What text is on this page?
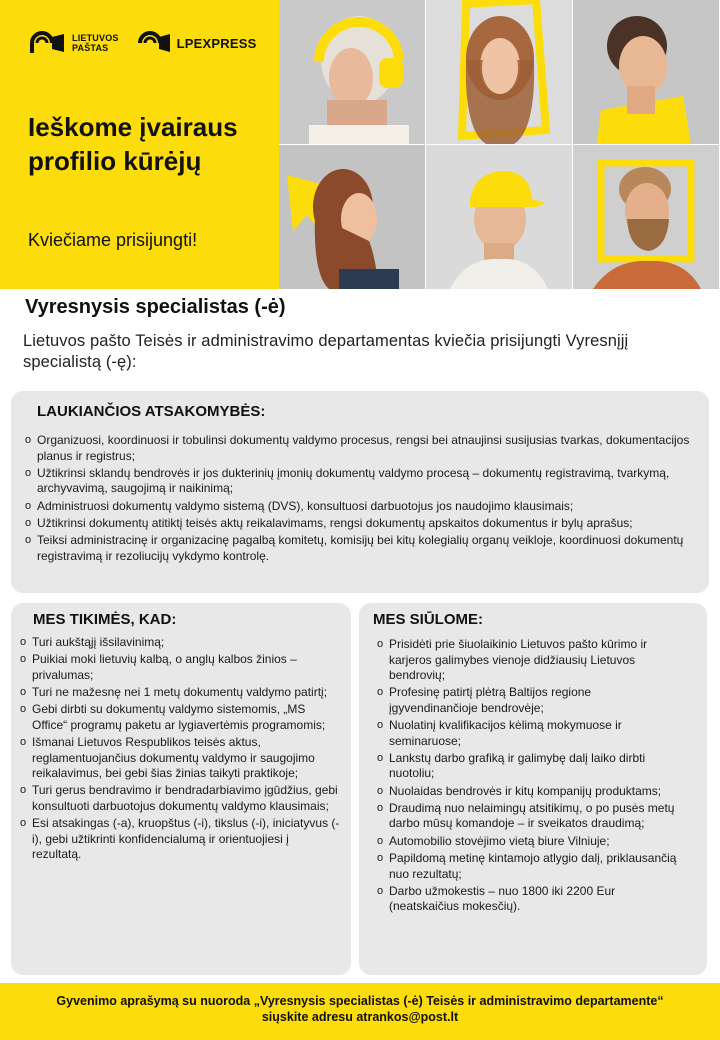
LIETUVOS
PAŠTAS	LPEXPRESS
Ieškome įvairaus profilio kūrėjų
Kviečiame prisijungti!
Vyresnysis specialistas (-ė)
Lietuvos pašto Teisės ir administravimo departamentas kviečia prisijungti Vyresnįjį specialistą (-ę):
LAUKIANČIOS ATSAKOMYBĖS:
o Organizuosi, koordinuosi ir tobulinsi dokumentų valdymo procesus, rengsi bei atnaujinsi susijusias tvarkas, dokumentacijos planus ir registrus;
o Užtikrinsi sklandų bendrovės ir jos dukterinių įmonių dokumentų valdymo procesą – dokumentų registravimą, tvarkymą, archyvavimą, saugojimą ir naikinimą;
o Administruosi dokumentų valdymo sistemą (DVS), konsultuosi darbuotojus jos naudojimo klausimais;
o Užtikrinsi dokumentų atitiktį teisės aktų reikalavimams, rengsi dokumentų apskaitos dokumentus ir bylų aprašus;
o Teiksi administracinę ir organizacinę pagalbą komitetų, komisijų bei kitų kolegialių organų veikloje, koordinuosi dokumentų registravimą ir rezoliucijų vykdymo kontrolę.
MES TIKIMĖS, KAD:
o Turi aukštąjį išsilavinimą;
o Puikiai moki lietuvių kalbą, o anglų kalbos žinios – privalumas;
o Turi ne mažesnę nei 1 metų dokumentų valdymo patirtį;
o Gebi dirbti su dokumentų valdymo sistemomis, „MS Office“ programų paketu ar lygiavertėmis programomis;
o Išmanai Lietuvos Respublikos teisės aktus, reglamentuojančius dokumentų valdymo ir saugojimo reikalavimus, bei gebi šias žinias taikyti praktikoje;
o Turi gerus bendravimo ir bendradarbiavimo įgūdžius, gebi konsultuoti darbuotojus dokumentų valdymo klausimais;
o Esi atsakingas (-a), kruopštus (-i), tikslus (-i), iniciatyvus (-i), gebi užtikrinti konfidencialumą ir orientuojiesi į rezultatą.
MES SIŪLOME:
o Prisidėti prie šiuolaikinio Lietuvos pašto kūrimo ir karjeros galimybes vienoje didžiausių Lietuvos bendrovių;
o Profesinę patirtį plėtrą Baltijos regione įgyvendinančioje bendrovėje;
o Nuolatinį kvalifikacijos kėlimą mokymuose ir seminaruose;
o Lankstų darbo grafiką ir galimybę dalį laiko dirbti nuotoliu;
o Nuolaidas bendrovės ir kitų kompanijų produktams;
o Draudimą nuo nelaimingų atsitikimų, o po pusės metų darbo mūsų komandoje – ir sveikatos draudimą;
o Automobilio stovėjimo vietą biure Vilniuje;
o Papildomą metinę kintamojo atlygio dalį, priklausančią nuo rezultatų;
o Darbo užmokestis – nuo 1800 iki 2200 Eur (neatskaičius mokesčių).

Gyvenimo aprašymą su nuoroda „Vyresnysis specialistas (-ė) Teisės ir administravimo departamente“

siųskite adresu atrankos@post.lt
